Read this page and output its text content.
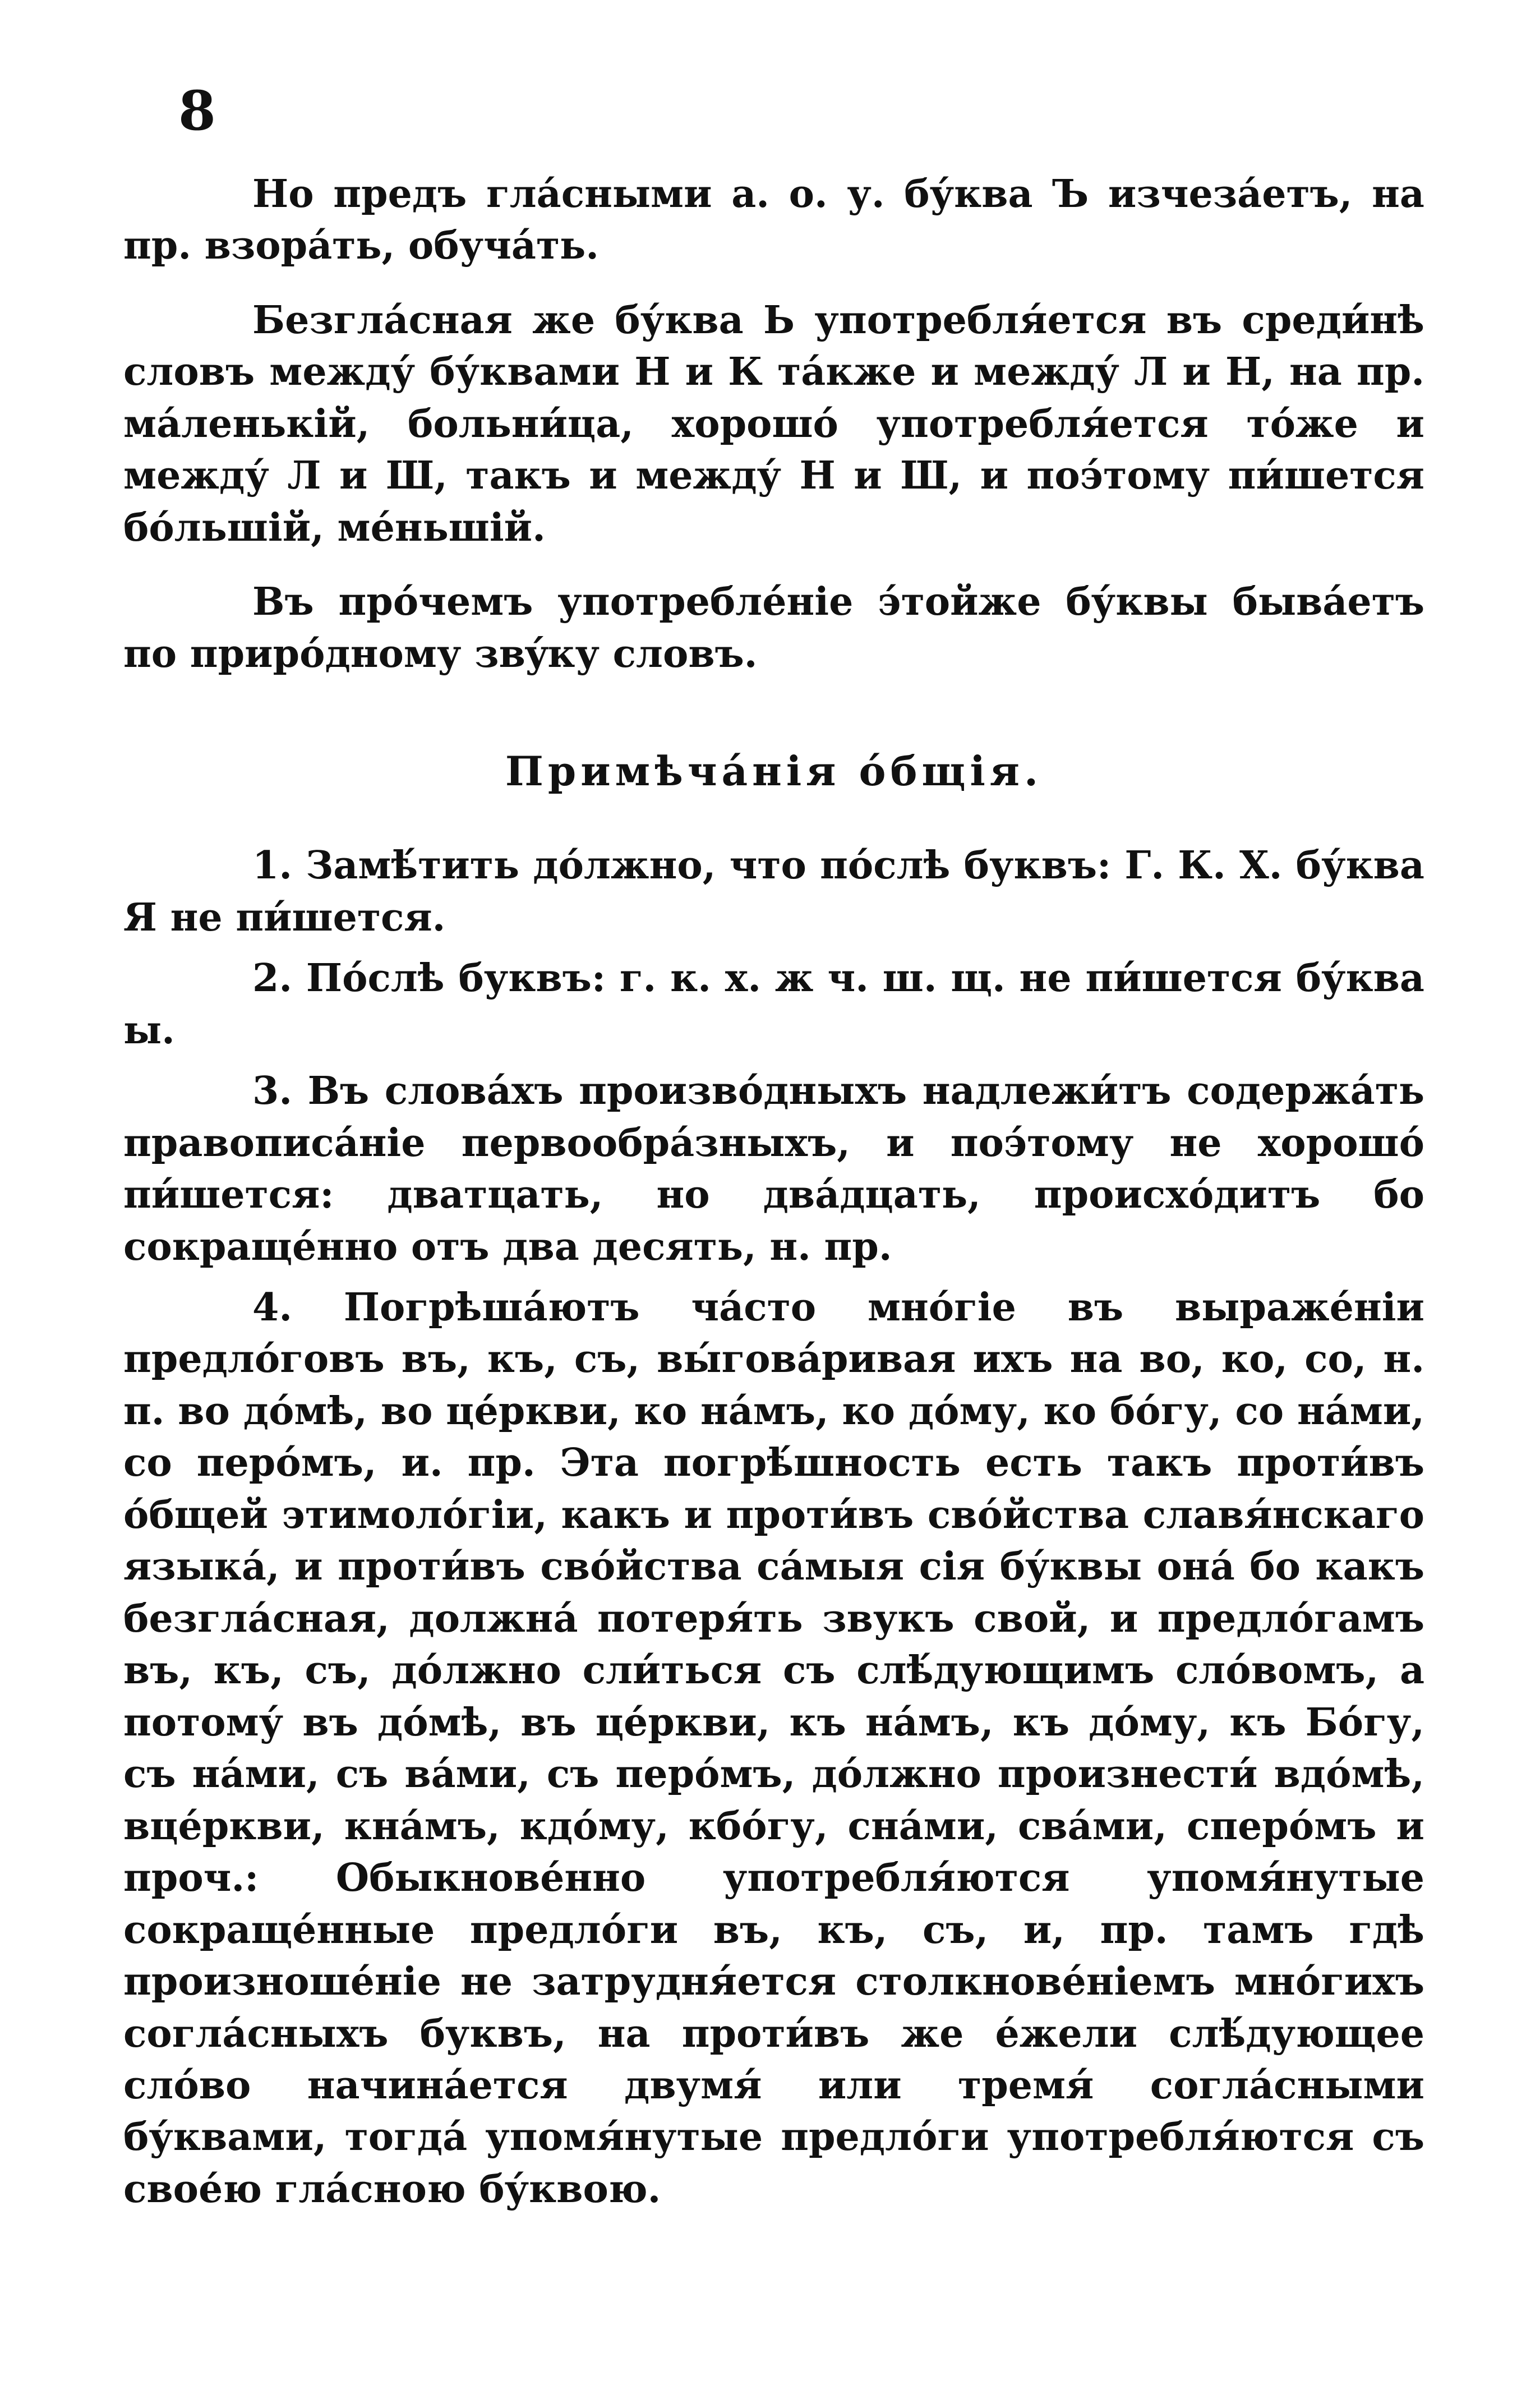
8

Но предъ гла́сными а. о. у. бу́ква Ъ изчеза́етъ, на пр. взора́ть, обуча́ть.

Безгла́сная же бу́ква Ь употребля́ется въ среди́нѣ словъ между́ бу́квами Н и К та́кже и между́ Л и Н, на пр. ма́ленькій, больни́ца, хорошо́ употребля́ется то́же и между́ Л и Ш, такъ и между́ Н и Ш, и поэ́тому пи́шется бо́льшій, ме́ньшій.

Въ про́чемъ употребле́ніе э́тойже бу́квы быва́етъ по приро́дному звýку словъ.

Примѣча́нія о́бщія.

1. Замѣ́тить до́лжно, что по́слѣ буквъ: Г. К. Х. бу́ква Я не пи́шется.

2. По́слѣ буквъ: г. к. х. ж ч. ш. щ. не пи́шется бу́ква ы.

3. Въ слова́хъ произво́дныхъ надлежи́тъ содержа́ть правописа́ніе первообра́зныхъ, и поэ́тому не хорошо́ пи́шется: дватцать, но два́дцать, происхо́дитъ бо сокраще́нно отъ два десять, н. пр.

4. Погрѣша́ютъ ча́сто мно́гіе въ выраже́ніи предло́говъ въ, къ, съ, вы́гова́ривая ихъ на во, ко, со, н. п. во до́мѣ, во це́ркви, ко на́мъ, ко до́му, ко бо́гу, со на́ми, со перо́мъ, и. пр. Эта погрѣ́шность есть такъ проти́въ о́бщей этимоло́гіи, какъ и проти́въ сво́йства славя́нскаго языка́, и проти́въ сво́йства са́мыя сія бу́квы она́ бо какъ безгла́сная, должна́ потеря́ть звукъ свой, и предло́гамъ въ, къ, съ, до́лжно сли́ться съ слѣ́дующимъ сло́вомъ, а потому́ въ до́мѣ, въ це́ркви, къ на́мъ, къ до́му, къ Бо́гу, съ на́ми, съ ва́ми, съ перо́мъ, до́лжно произнести́ вдо́мѣ, вце́ркви, кна́мъ, кдо́му, кбо́гу, сна́ми, сва́ми, сперо́мъ и проч.: Обыкнове́нно употребля́ются упомя́нутые сокраще́нные предло́ги въ, къ, съ, и, пр. тамъ гдѣ произноше́ніе не затрудня́ется столкнове́ніемъ мно́гихъ согла́сныхъ буквъ, на проти́въ же е́жели слѣ́дующее сло́во начина́ется двумя́ или тремя́ согла́сными бу́квами, тогда́ упомя́нутые предло́ги употребля́ются съ свое́ю гла́сною бу́квою.
